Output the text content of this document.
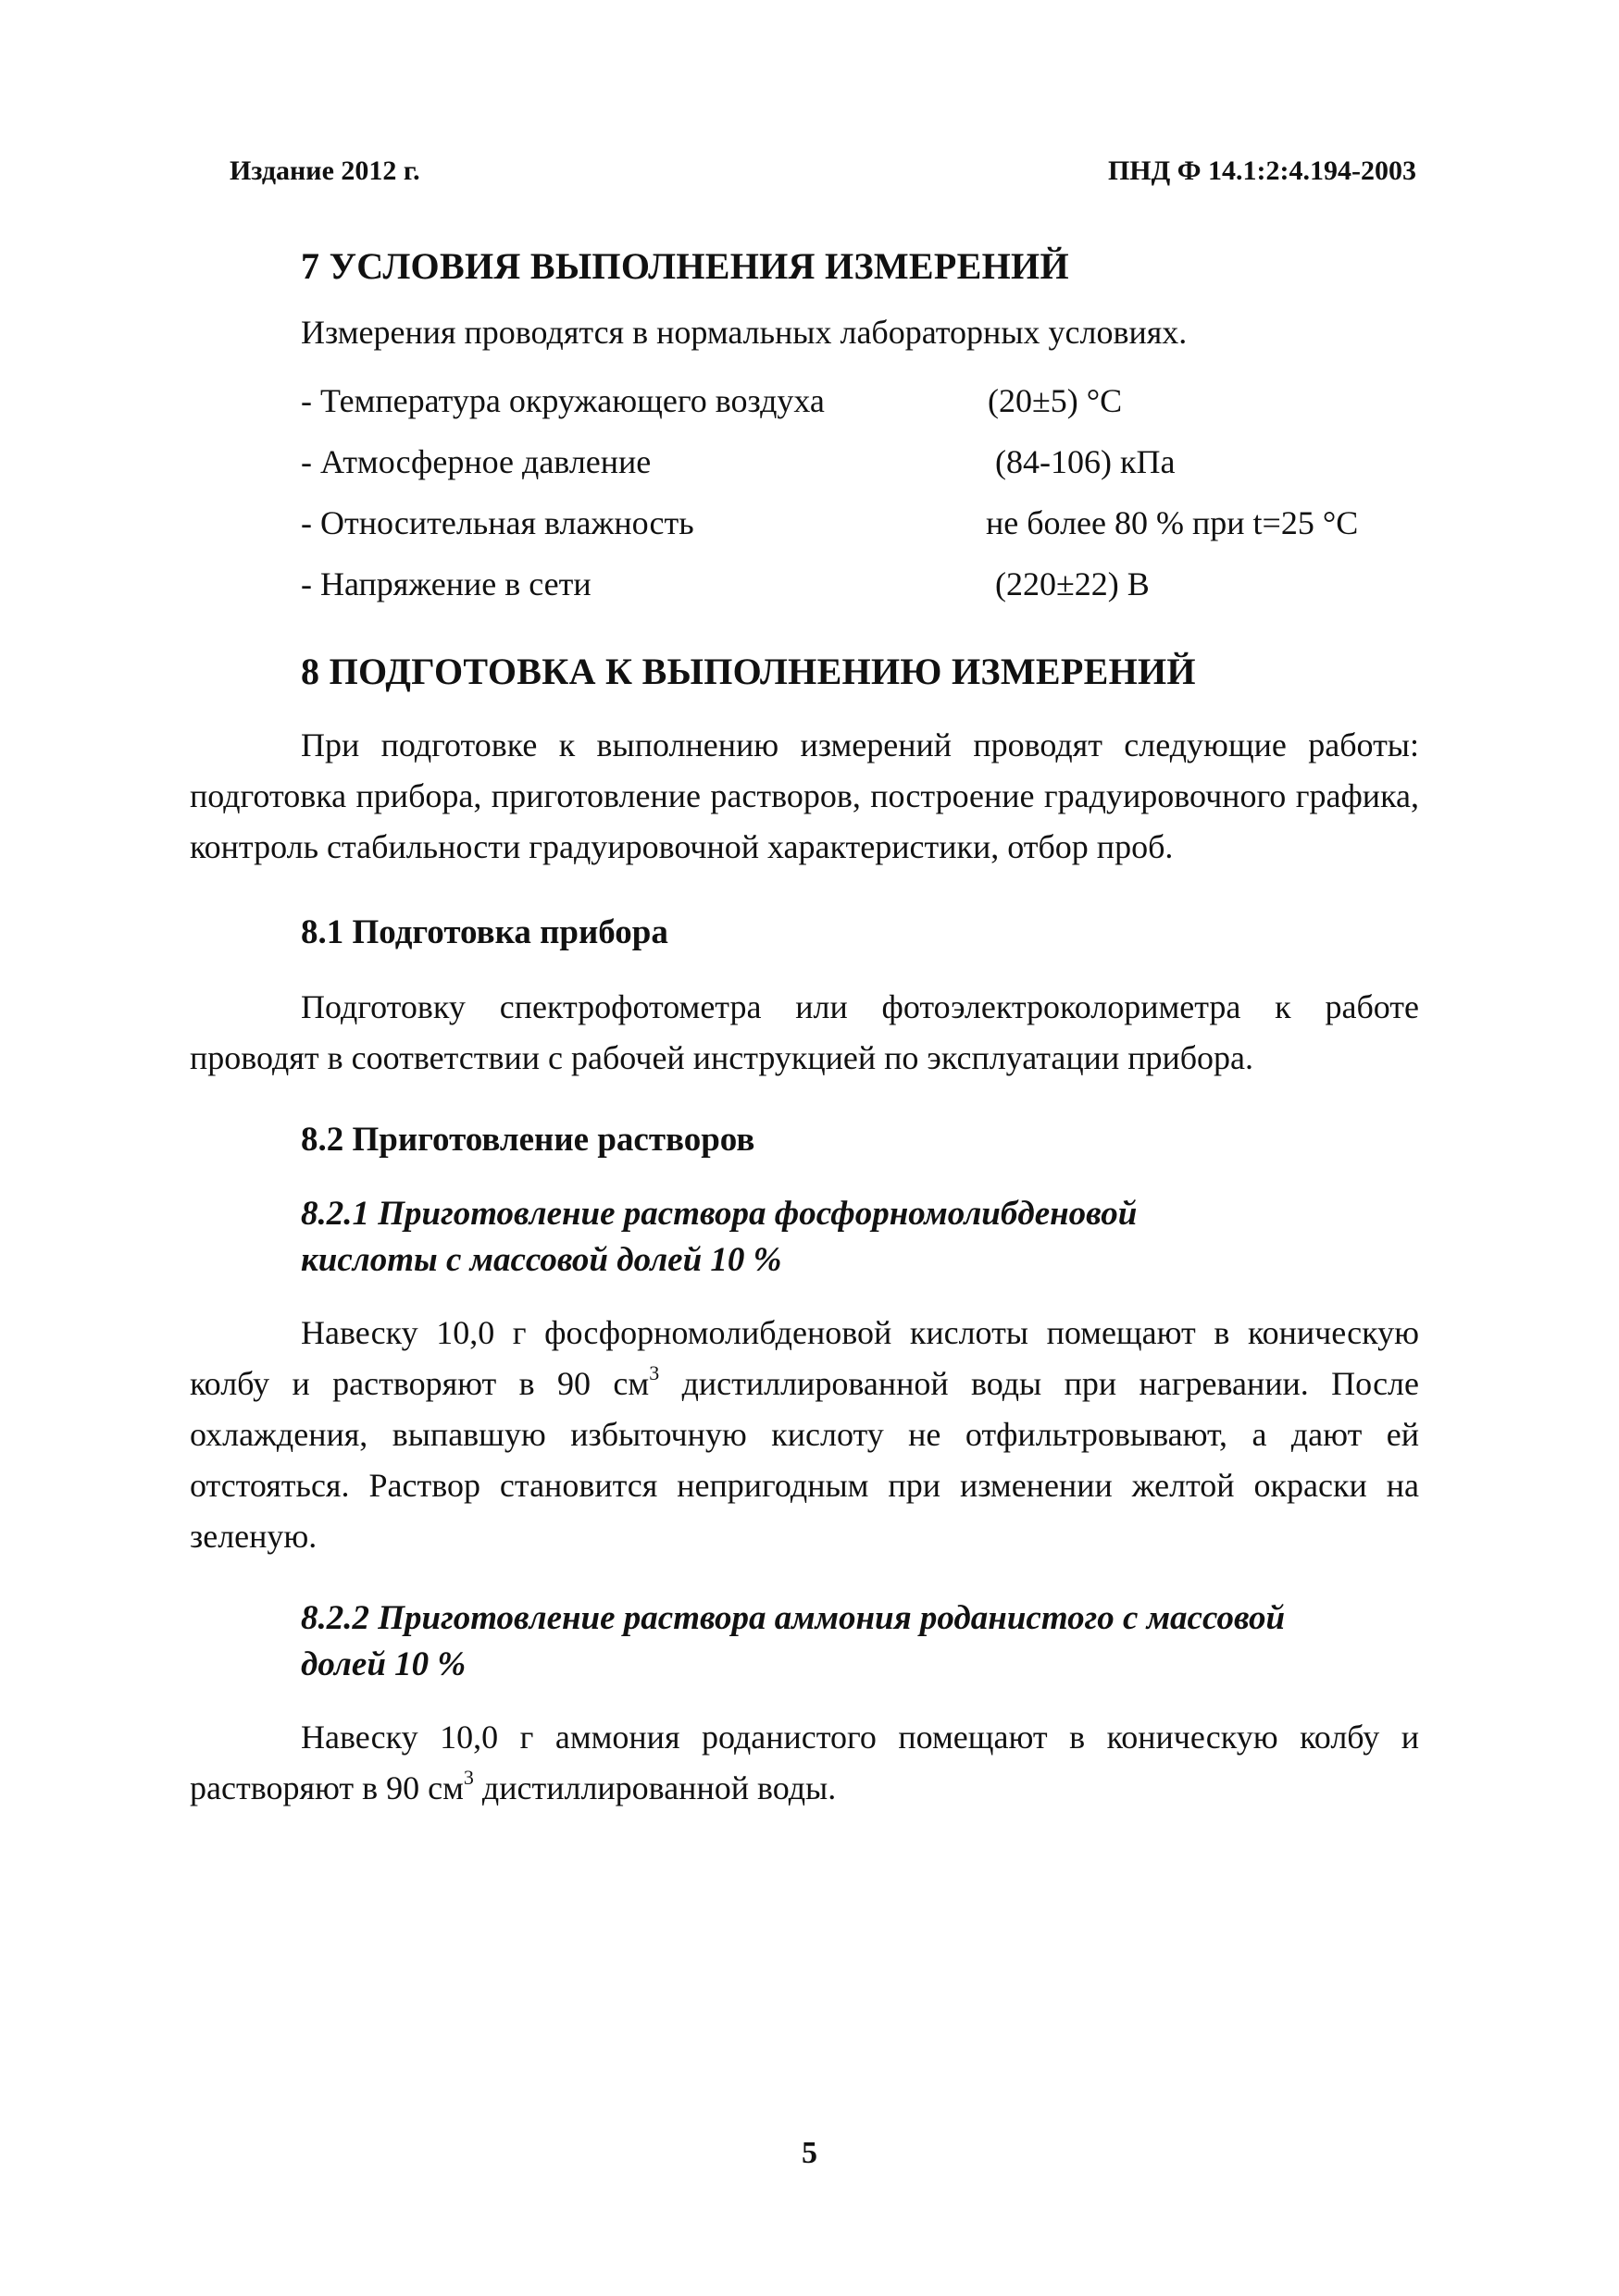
Издание 2012 г.	ПНД Ф 14.1:2:4.194-2003
7 УСЛОВИЯ ВЫПОЛНЕНИЯ ИЗМЕРЕНИЙ

Измерения проводятся в нормальных лабораторных условиях.

- Температура окружающего воздуха	(20±5) °С
- Атмосферное давление	(84-106) кПа
- Относительная влажность	не более 80 % при t=25 °С
- Напряжение в сети	(220±22) В
8 ПОДГОТОВКА К ВЫПОЛНЕНИЮ ИЗМЕРЕНИЙ

При подготовке к выполнению измерений проводят следующие работы: подготовка прибора, приготовление растворов, построение градуировочного графика, контроль стабильности градуировочной характеристики, отбор проб.

8.1 Подготовка прибора

Подготовку спектрофотометра или фотоэлектроколориметра к работе проводят в соответствии с рабочей инструкцией по эксплуатации прибора.

8.2 Приготовление растворов
8.2.1 Приготовление раствора фосфорномолибденовой
кислоты с массовой долей 10 %

Навеску 10,0 г фосфорномолибденовой кислоты помещают в коническую колбу и растворяют в 90 $см^3$ дистиллированной воды при нагревании. После охлаждения, выпавшую избыточную кислоту не отфильтровывают, а дают ей отстояться. Раствор становится непригодным при изменении желтой окраски на зеленую.

8.2.2 Приготовление раствора аммония роданистого с массовой
долей 10 %

Навеску 10,0 г аммония роданистого помещают в коническую колбу и растворяют в 90 $см^3$ дистиллированной воды.

5
